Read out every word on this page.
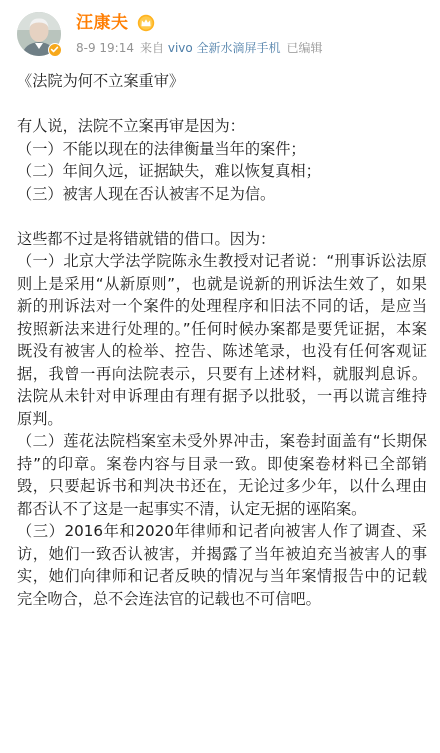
汪康夫
8-9 19:14 来自 vivo 全新水滴屏手机 已编辑

《法院为何不立案重审》

有人说，法院不立案再审是因为：

（一）不能以现在的法律衡量当年的案件；

（二）年间久远，证据缺失，难以恢复真相；

（三）被害人现在否认被害不足为信。

这些都不过是将错就错的借口。因为：

（一）北京大学法学院陈永生教授对记者说：“刑事诉讼法原则上是采用“从新原则”，也就是说新的刑诉法生效了，如果新的刑诉法对一个案件的处理程序和旧法不同的话，是应当按照新法来进行处理的。”任何时候办案都是要凭证据，本案既没有被害人的检举、控告、陈述笔录，也没有任何客观证据，我曾一再向法院表示，只要有上述材料，就服判息诉。法院从未针对申诉理由有理有据予以批驳，一再以谎言维持原判。

（二）莲花法院档案室未受外界冲击，案卷封面盖有“长期保持”的印章。案卷内容与目录一致。即使案卷材料已全部销毁，只要起诉书和判决书还在，无论过多少年，以什么理由都否认不了这是一起事实不清，认定无据的诬陷案。

（三）2016年和2020年律师和记者向被害人作了调查、采访，她们一致否认被害，并揭露了当年被迫充当被害人的事实，她们向律师和记者反映的情况与当年案情报告中的记载完全吻合，总不会连法官的记载也不可信吧。
